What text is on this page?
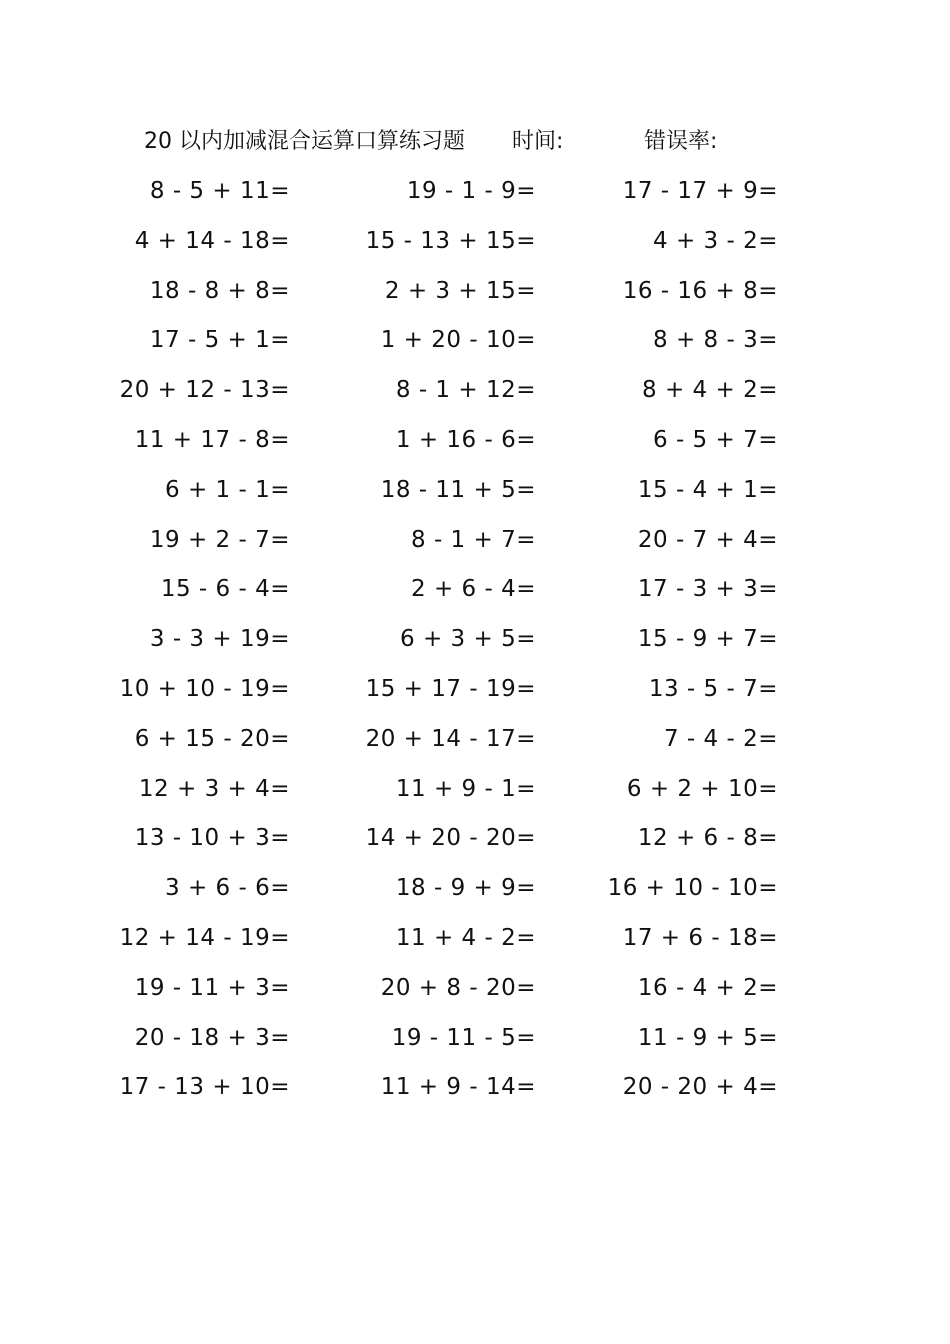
20 以内加减混合运算口算练习题 时间:	错误率:
8 - 5 + 11=	19 - 1 - 9=	17 - 17 + 9=
4 + 14 - 18=	15 - 13 + 15=	4 + 3 - 2=
18 - 8 + 8=	2 + 3 + 15=	16 - 16 + 8=
17 - 5 + 1=	1 + 20 - 10=	8 + 8 - 3=
20 + 12 - 13=	8 - 1 + 12=	8 + 4 + 2=
11 + 17 - 8=	1 + 16 - 6=	6 - 5 + 7=
6 + 1 - 1=	18 - 11 + 5=	15 - 4 + 1=
19 + 2 - 7=	8 - 1 + 7=	20 - 7 + 4=
15 - 6 - 4=	2 + 6 - 4=	17 - 3 + 3=
3 - 3 + 19=	6 + 3 + 5=	15 - 9 + 7=
10 + 10 - 19=	15 + 17 - 19=	13 - 5 - 7=
6 + 15 - 20=	20 + 14 - 17=	7 - 4 - 2=
12 + 3 + 4=	11 + 9 - 1=	6 + 2 + 10=
13 - 10 + 3=	14 + 20 - 20=	12 + 6 - 8=
3 + 6 - 6=	18 - 9 + 9=	16 + 10 - 10=
12 + 14 - 19=	11 + 4 - 2=	17 + 6 - 18=
19 - 11 + 3=	20 + 8 - 20=	16 - 4 + 2=
20 - 18 + 3=	19 - 11 - 5=	11 - 9 + 5=
17 - 13 + 10=	11 + 9 - 14=	20 - 20 + 4=
